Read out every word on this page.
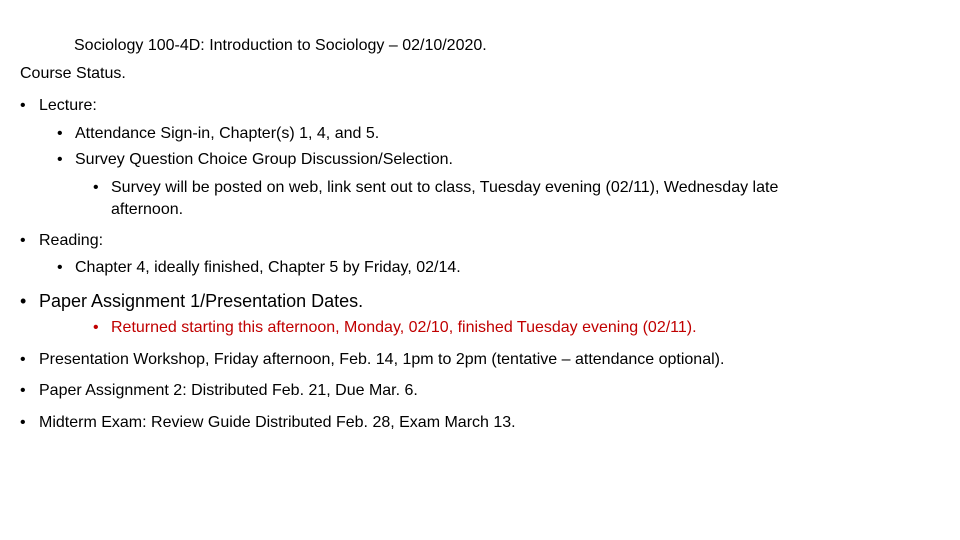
Sociology 100-4D: Introduction to Sociology – 02/10/2020.
Course Status.
• Lecture:
• Attendance Sign-in, Chapter(s) 1, 4, and 5.
• Survey Question Choice Group Discussion/Selection.
• Survey will be posted on web, link sent out to class, Tuesday evening (02/11), Wednesday late
afternoon.
• Reading:
• Chapter 4, ideally finished, Chapter 5 by Friday, 02/14.
• Paper Assignment 1/Presentation Dates.
• Returned starting this afternoon, Monday, 02/10, finished Tuesday evening (02/11).
• Presentation Workshop, Friday afternoon, Feb. 14, 1pm to 2pm (tentative – attendance optional).
• Paper Assignment 2: Distributed Feb. 21, Due Mar. 6.
• Midterm Exam: Review Guide Distributed Feb. 28, Exam March 13.
